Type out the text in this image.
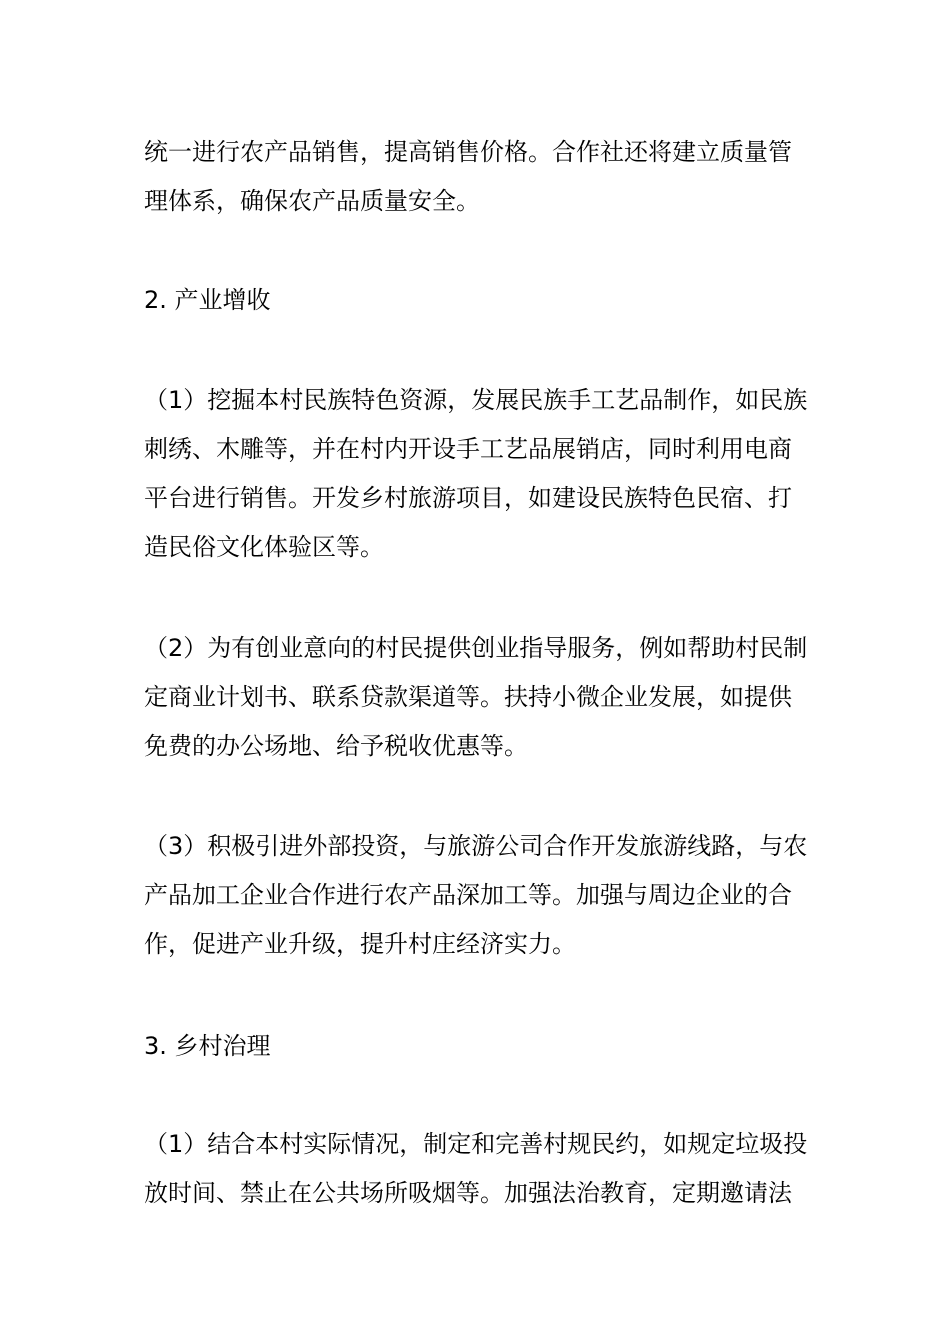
统一进行农产品销售，提高销售价格。合作社还将建立质量管
理体系，确保农产品质量安全。
2. 产业增收
（1）挖掘本村民族特色资源，发展民族手工艺品制作，如民族
刺绣、木雕等，并在村内开设手工艺品展销店，同时利用电商
平台进行销售。开发乡村旅游项目，如建设民族特色民宿、打
造民俗文化体验区等。
（2）为有创业意向的村民提供创业指导服务，例如帮助村民制
定商业计划书、联系贷款渠道等。扶持小微企业发展，如提供
免费的办公场地、给予税收优惠等。
（3）积极引进外部投资，与旅游公司合作开发旅游线路，与农
产品加工企业合作进行农产品深加工等。加强与周边企业的合
作，促进产业升级，提升村庄经济实力。
3. 乡村治理
（1）结合本村实际情况，制定和完善村规民约，如规定垃圾投
放时间、禁止在公共场所吸烟等。加强法治教育，定期邀请法
